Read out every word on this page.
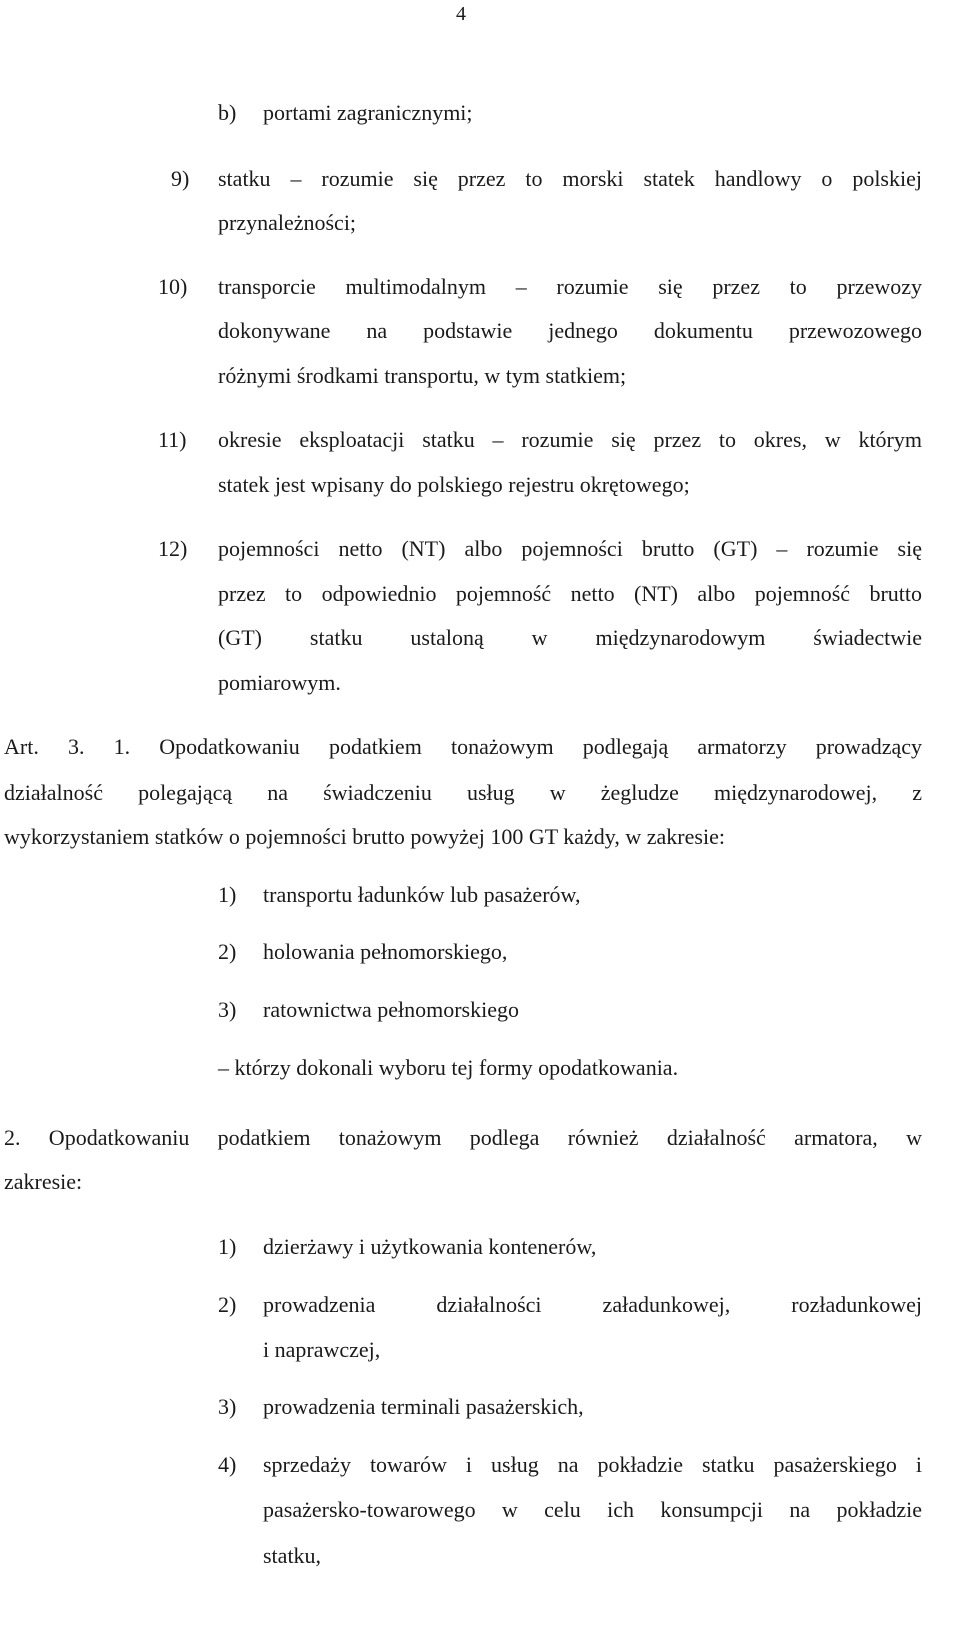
4
b) portami zagranicznymi;
9) statku – rozumie się przez to morski statek handlowy o polskiej
przynależności;
10) transporcie multimodalnym – rozumie się przez to przewozy
dokonywane na podstawie jednego dokumentu przewozowego
różnymi środkami transportu, w tym statkiem;
11) okresie eksploatacji statku – rozumie się przez to okres, w którym
statek jest wpisany do polskiego rejestru okrętowego;
12) pojemności netto (NT) albo pojemności brutto (GT) – rozumie się
przez to odpowiednio pojemność netto (NT) albo pojemność brutto
(GT) statku ustaloną w międzynarodowym świadectwie
pomiarowym.
Art. 3. 1. Opodatkowaniu podatkiem tonażowym podlegają armatorzy prowadzący
działalność polegającą na świadczeniu usług w żegludze międzynarodowej, z
wykorzystaniem statków o pojemności brutto powyżej 100 GT każdy, w zakresie:
1) transportu ładunków lub pasażerów,
2) holowania pełnomorskiego,
3) ratownictwa pełnomorskiego
– którzy dokonali wyboru tej formy opodatkowania.
2. Opodatkowaniu podatkiem tonażowym podlega również działalność armatora, w
zakresie:
1) dzierżawy i użytkowania kontenerów,
2) prowadzenia działalności załadunkowej, rozładunkowej
i naprawczej,
3) prowadzenia terminali pasażerskich,
4) sprzedaży towarów i usług na pokładzie statku pasażerskiego i
pasażersko-towarowego w celu ich konsumpcji na pokładzie
statku,
